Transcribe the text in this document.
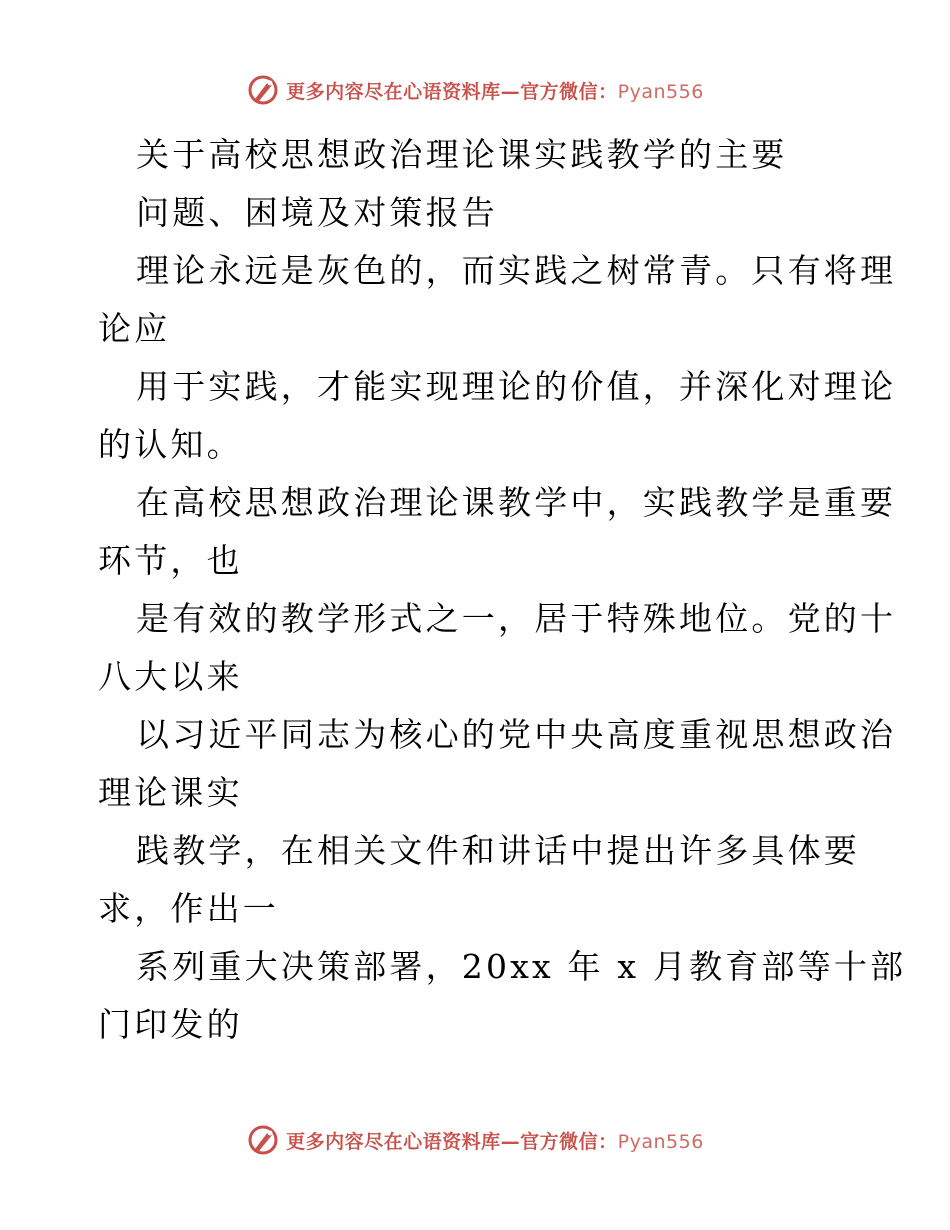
更多内容尽在心语资料库—官方微信：Pyan556
关于高校思想政治理论课实践教学的主要
问题、困境及对策报告
理论永远是灰色的，而实践之树常青。只有将理
论应
用于实践，才能实现理论的价值，并深化对理论
的认知。
在高校思想政治理论课教学中，实践教学是重要
环节，也
是有效的教学形式之一，居于特殊地位。党的十
八大以来
以习近平同志为核心的党中央高度重视思想政治
理论课实
践教学，在相关文件和讲话中提出许多具体要
求，作出一
系列重大决策部署，20xx 年 x 月教育部等十部
门印发的
更多内容尽在心语资料库—官方微信：Pyan556
